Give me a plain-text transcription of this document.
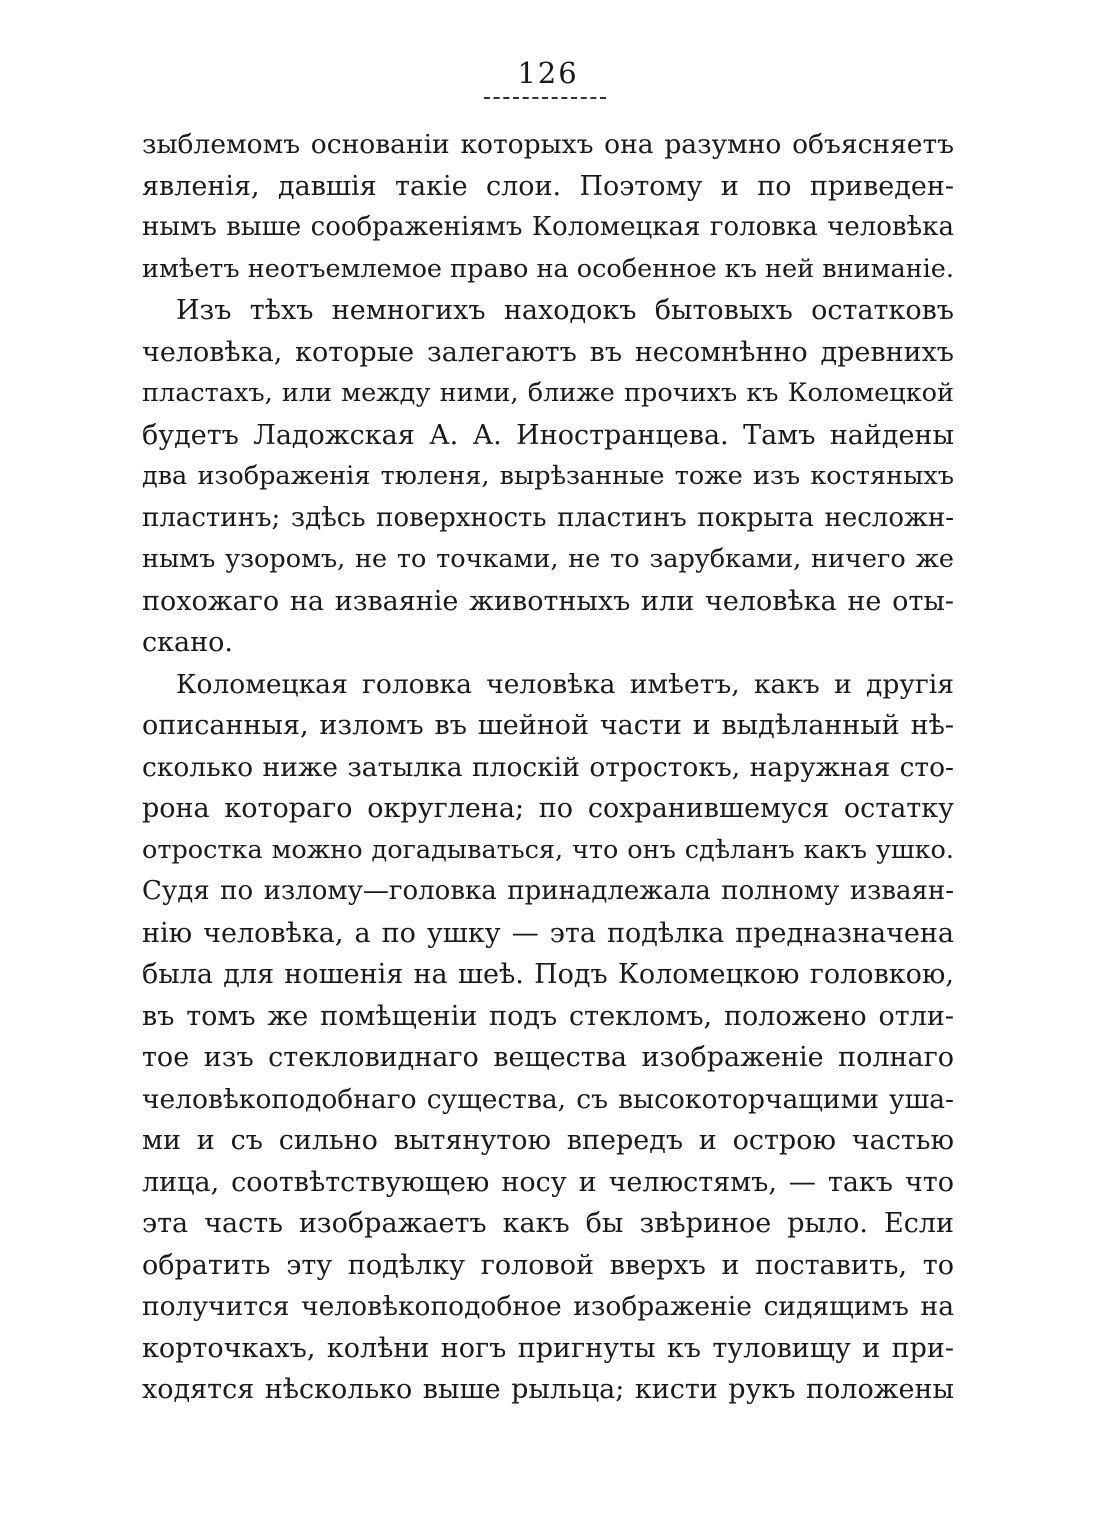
126
зыблемомъ основаніи которыхъ она разумно объясняетъ
явленія, давшія такіе слои. Поэтому и по приведен-
нымъ выше соображеніямъ Коломецкая головка человѣка
имѣетъ неотъемлемое право на особенное къ ней вниманіе.
Изъ тѣхъ немногихъ находокъ бытовыхъ остатковъ
человѣка, которые залегаютъ въ несомнѣнно древнихъ
пластахъ, или между ними, ближе прочихъ къ Коломецкой
будетъ Ладожская А. А. Иностранцева. Тамъ найдены
два изображенія тюленя, вырѣзанные тоже изъ костяныхъ
пластинъ; здѣсь поверхность пластинъ покрыта несложн-
нымъ узоромъ, не то точками, не то зарубками, ничего же
похожаго на изваяніе животныхъ или человѣка не оты-
скано.
Коломецкая головка человѣка имѣетъ, какъ и другія
описанныя, изломъ въ шейной части и выдѣланный нѣ-
сколько ниже затылка плоскій отростокъ, наружная сто-
рона котораго округлена; по сохранившемуся остатку
отростка можно догадываться, что онъ сдѣланъ какъ ушко.
Судя по излому—головка принадлежала полному изваян-
нію человѣка, а по ушку — эта подѣлка предназначена
была для ношенія на шеѣ. Подъ Коломецкою головкою,
въ томъ же помѣщеніи подъ стекломъ, положено отли-
тое изъ стекловиднаго вещества изображеніе полнаго
человѣкоподобнаго существа, съ высокоторчащими уша-
ми и съ сильно вытянутою впередъ и острою частью
лица, соотвѣтствующею носу и челюстямъ, — такъ что
эта часть изображаетъ какъ бы звѣриное рыло. Если
обратить эту подѣлку головой вверхъ и поставить, то
получится человѣкоподобное изображеніе сидящимъ на
корточкахъ, колѣни ногъ пригнуты къ туловищу и при-
ходятся нѣсколько выше рыльца; кисти рукъ положены
